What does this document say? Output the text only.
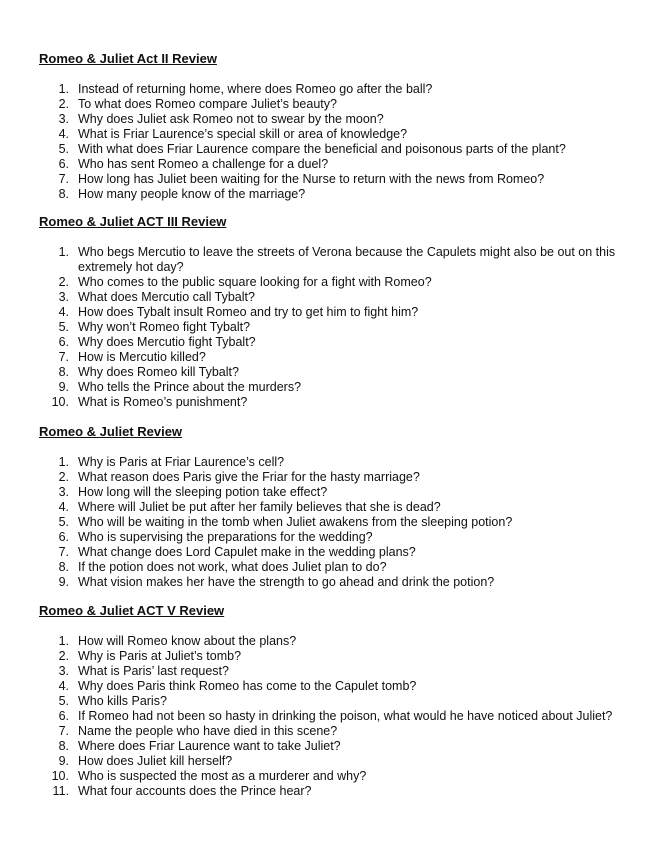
Romeo & Juliet Act II Review

1. Instead of returning home, where does Romeo go after the ball?
2. To what does Romeo compare Juliet’s beauty?
3. Why does Juliet ask Romeo not to swear by the moon?
4. What is Friar Laurence’s special skill or area of knowledge?
5. With what does Friar Laurence compare the beneficial and poisonous parts of the plant?
6. Who has sent Romeo a challenge for a duel?
7. How long has Juliet been waiting for the Nurse to return with the news from Romeo?
8. How many people know of the marriage?

Romeo & Juliet ACT III Review

1. Who begs Mercutio to leave the streets of Verona because the Capulets might also be out on this extremely hot day?
2. Who comes to the public square looking for a fight with Romeo?
3. What does Mercutio call Tybalt?
4. How does Tybalt insult Romeo and try to get him to fight him?
5. Why won’t Romeo fight Tybalt?
6. Why does Mercutio fight Tybalt?
7. How is Mercutio killed?
8. Why does Romeo kill Tybalt?
9. Who tells the Prince about the murders?
10. What is Romeo’s punishment?

Romeo & Juliet Review

1. Why is Paris at Friar Laurence’s cell?
2. What reason does Paris give the Friar for the hasty marriage?
3. How long will the sleeping potion take effect?
4. Where will Juliet be put after her family believes that she is dead?
5. Who will be waiting in the tomb when Juliet awakens from the sleeping potion?
6. Who is supervising the preparations for the wedding?
7. What change does Lord Capulet make in the wedding plans?
8. If the potion does not work, what does Juliet plan to do?
9. What vision makes her have the strength to go ahead and drink the potion?

Romeo & Juliet ACT V Review

1. How will Romeo know about the plans?
2. Why is Paris at Juliet’s tomb?
3. What is Paris’ last request?
4. Why does Paris think Romeo has come to the Capulet tomb?
5. Who kills Paris?
6. If Romeo had not been so hasty in drinking the poison, what would he have noticed about Juliet?
7. Name the people who have died in this scene?
8. Where does Friar Laurence want to take Juliet?
9. How does Juliet kill herself?
10. Who is suspected the most as a murderer and why?
11. What four accounts does the Prince hear?
